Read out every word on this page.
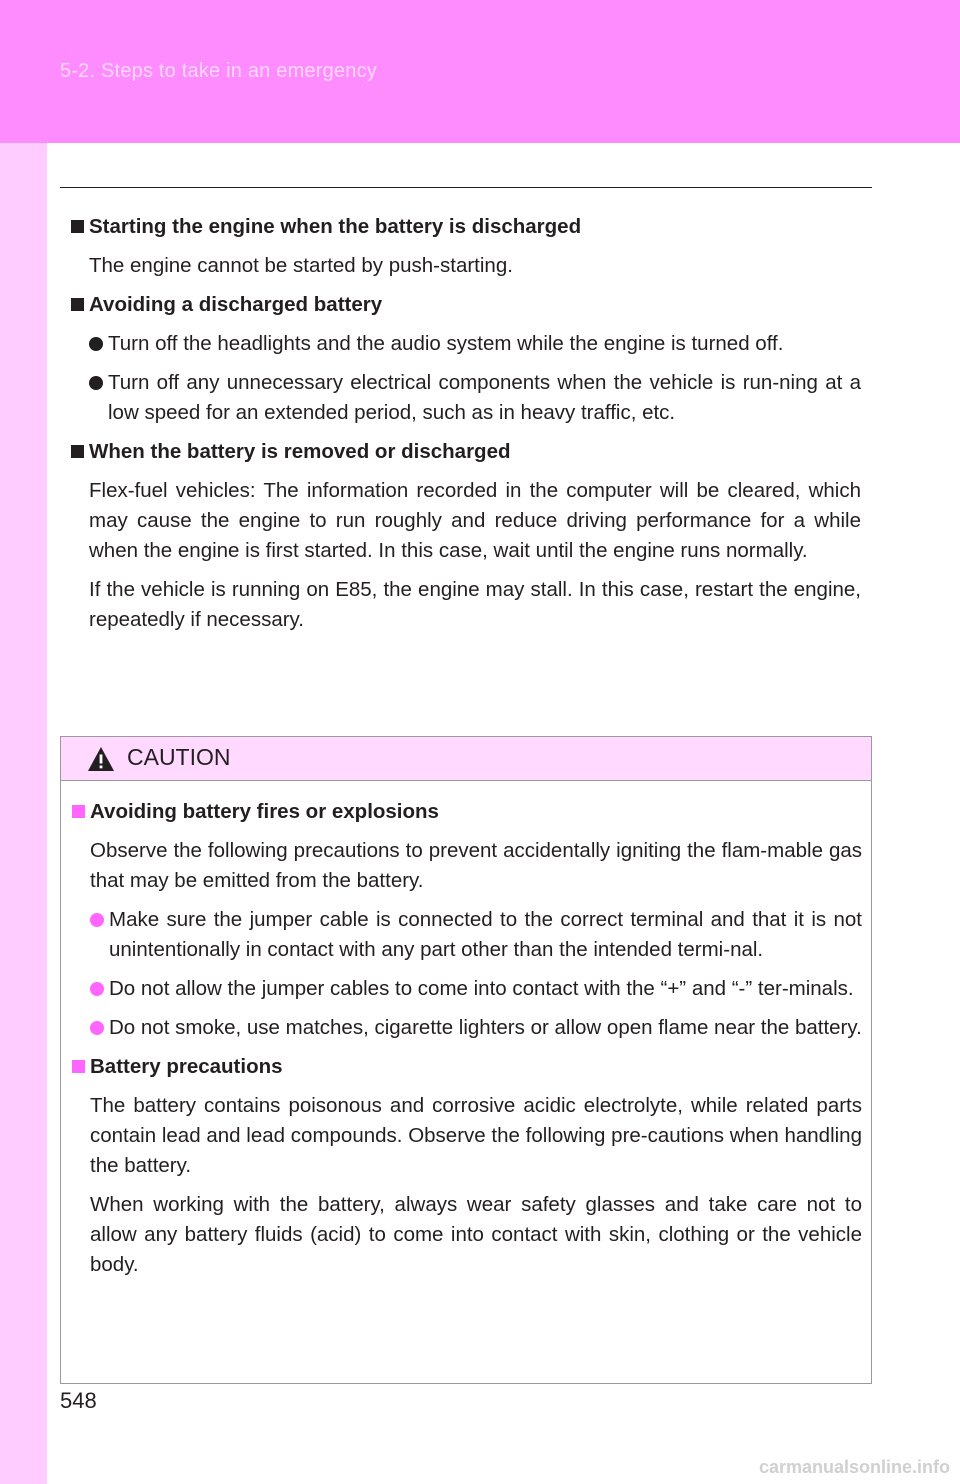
5-2. Steps to take in an emergency
Starting the engine when the battery is discharged
The engine cannot be started by push-starting.
Avoiding a discharged battery
Turn off the headlights and the audio system while the engine is turned off.
Turn off any unnecessary electrical components when the vehicle is run-ning at a low speed for an extended period, such as in heavy traffic, etc.
When the battery is removed or discharged
Flex-fuel vehicles: The information recorded in the computer will be cleared, which may cause the engine to run roughly and reduce driving performance for a while when the engine is first started. In this case, wait until the engine runs normally.
If the vehicle is running on E85, the engine may stall. In this case, restart the engine, repeatedly if necessary.
CAUTION
Avoiding battery fires or explosions
Observe the following precautions to prevent accidentally igniting the flam-mable gas that may be emitted from the battery.
Make sure the jumper cable is connected to the correct terminal and that it is not unintentionally in contact with any part other than the intended termi-nal.
Do not allow the jumper cables to come into contact with the “+” and “-” ter-minals.
Do not smoke, use matches, cigarette lighters or allow open flame near the battery.
Battery precautions
The battery contains poisonous and corrosive acidic electrolyte, while related parts contain lead and lead compounds. Observe the following pre-cautions when handling the battery.
When working with the battery, always wear safety glasses and take care not to allow any battery fluids (acid) to come into contact with skin, clothing or the vehicle body.
548
carmanualsonline.info
